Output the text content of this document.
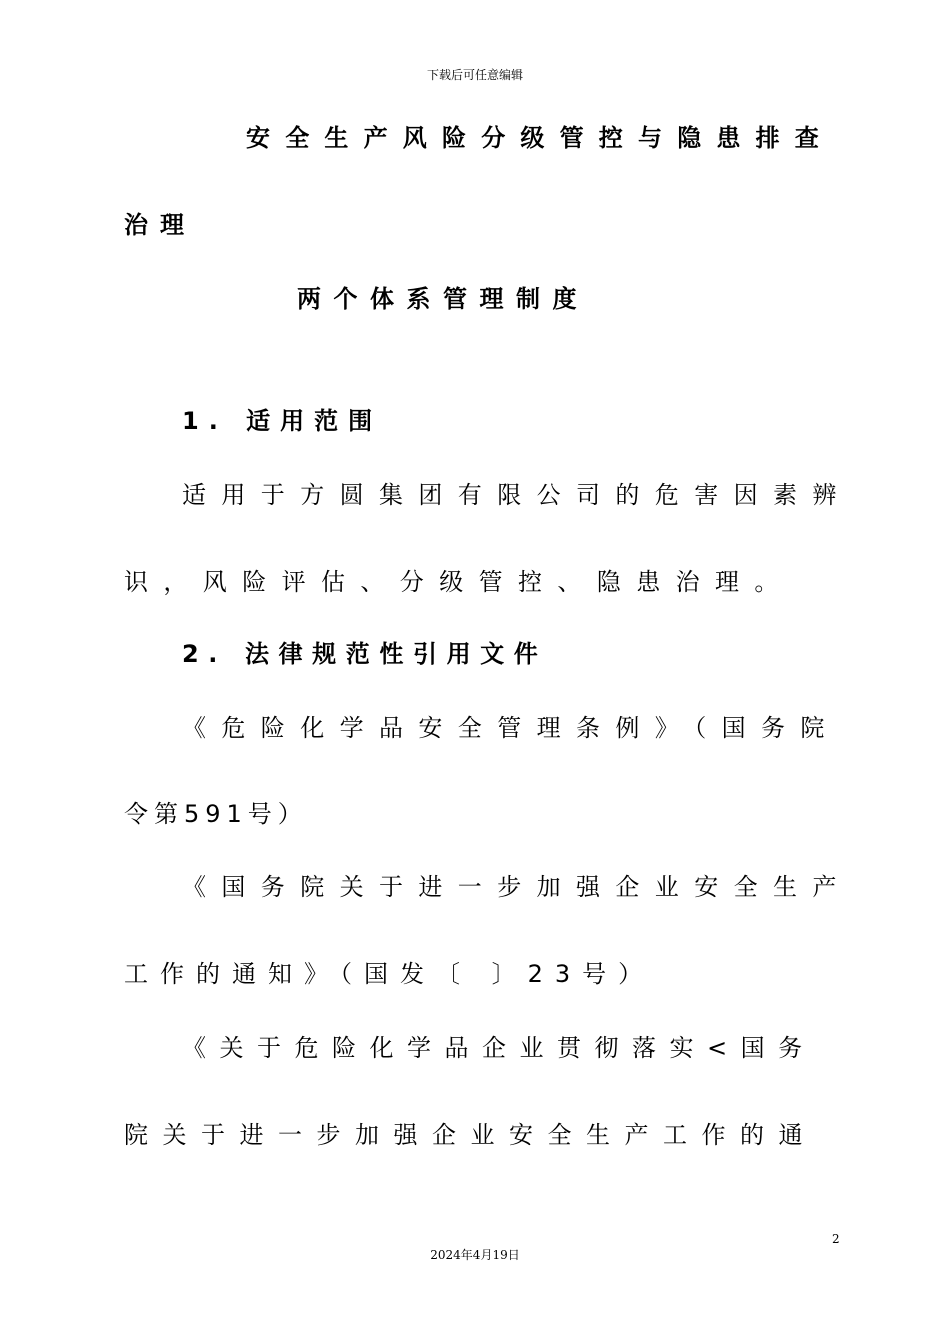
下载后可任意编辑
安全生产风险分级管控与隐患排查
治理
两个体系管理制度
1. 适用范围
适用于方圆集团有限公司的危害因素辨
识，风险评估、分级管控、隐患治理。
2. 法律规范性引用文件
《危险化学品安全管理条例》（国务院
令第591号）
《国务院关于进一步加强企业安全生产
工作的通知》（国发〔 〕23号）
《关于危险化学品企业贯彻落实<国务
院关于进一步加强企业安全生产工作的通
2
2024年4月19日
